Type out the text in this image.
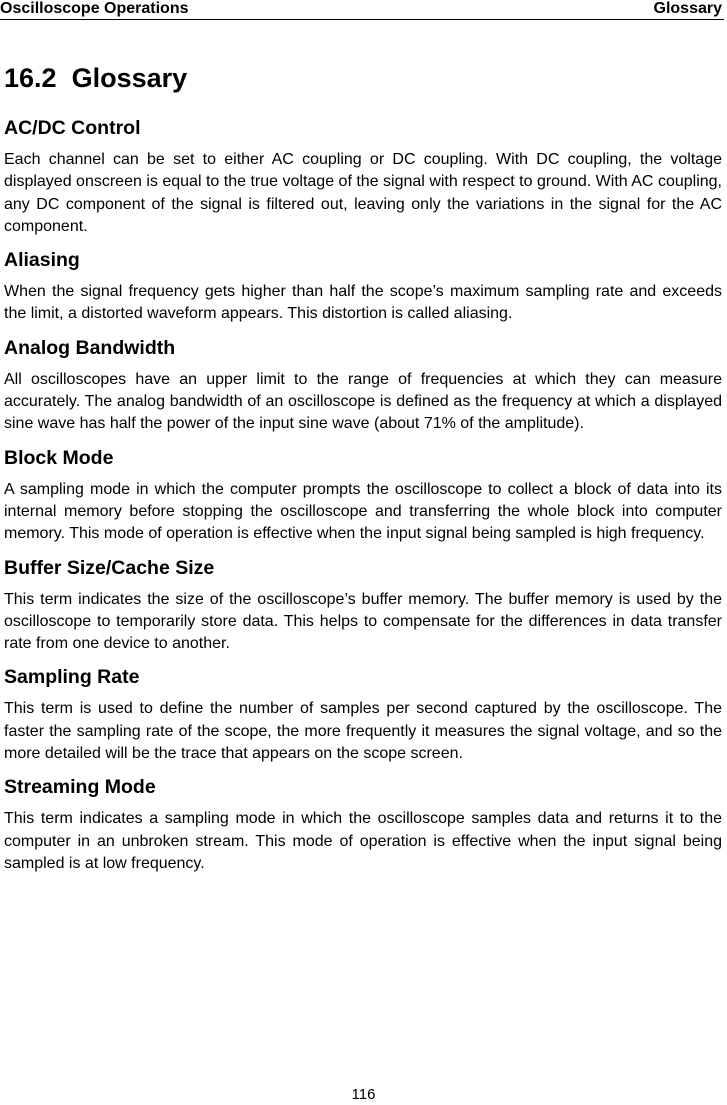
Oscilloscope Operations	Glossary
16.2 Glossary
AC/DC Control

Each channel can be set to either AC coupling or DC coupling. With DC coupling, the voltage displayed onscreen is equal to the true voltage of the signal with respect to ground. With AC coupling, any DC component of the signal is filtered out, leaving only the variations in the signal for the AC component.

Aliasing

When the signal frequency gets higher than half the scope’s maximum sampling rate and exceeds the limit, a distorted waveform appears. This distortion is called aliasing.

Analog Bandwidth

All oscilloscopes have an upper limit to the range of frequencies at which they can measure accurately. The analog bandwidth of an oscilloscope is defined as the frequency at which a displayed sine wave has half the power of the input sine wave (about 71% of the amplitude).

Block Mode

A sampling mode in which the computer prompts the oscilloscope to collect a block of data into its internal memory before stopping the oscilloscope and transferring the whole block into computer memory. This mode of operation is effective when the input signal being sampled is high frequency.

Buffer Size/Cache Size

This term indicates the size of the oscilloscope’s buffer memory. The buffer memory is used by the oscilloscope to temporarily store data. This helps to compensate for the differences in data transfer rate from one device to another.

Sampling Rate

This term is used to define the number of samples per second captured by the oscilloscope. The faster the sampling rate of the scope, the more frequently it measures the signal voltage, and so the more detailed will be the trace that appears on the scope screen.

Streaming Mode

This term indicates a sampling mode in which the oscilloscope samples data and returns it to the computer in an unbroken stream. This mode of operation is effective when the input signal being sampled is at low frequency.

116
